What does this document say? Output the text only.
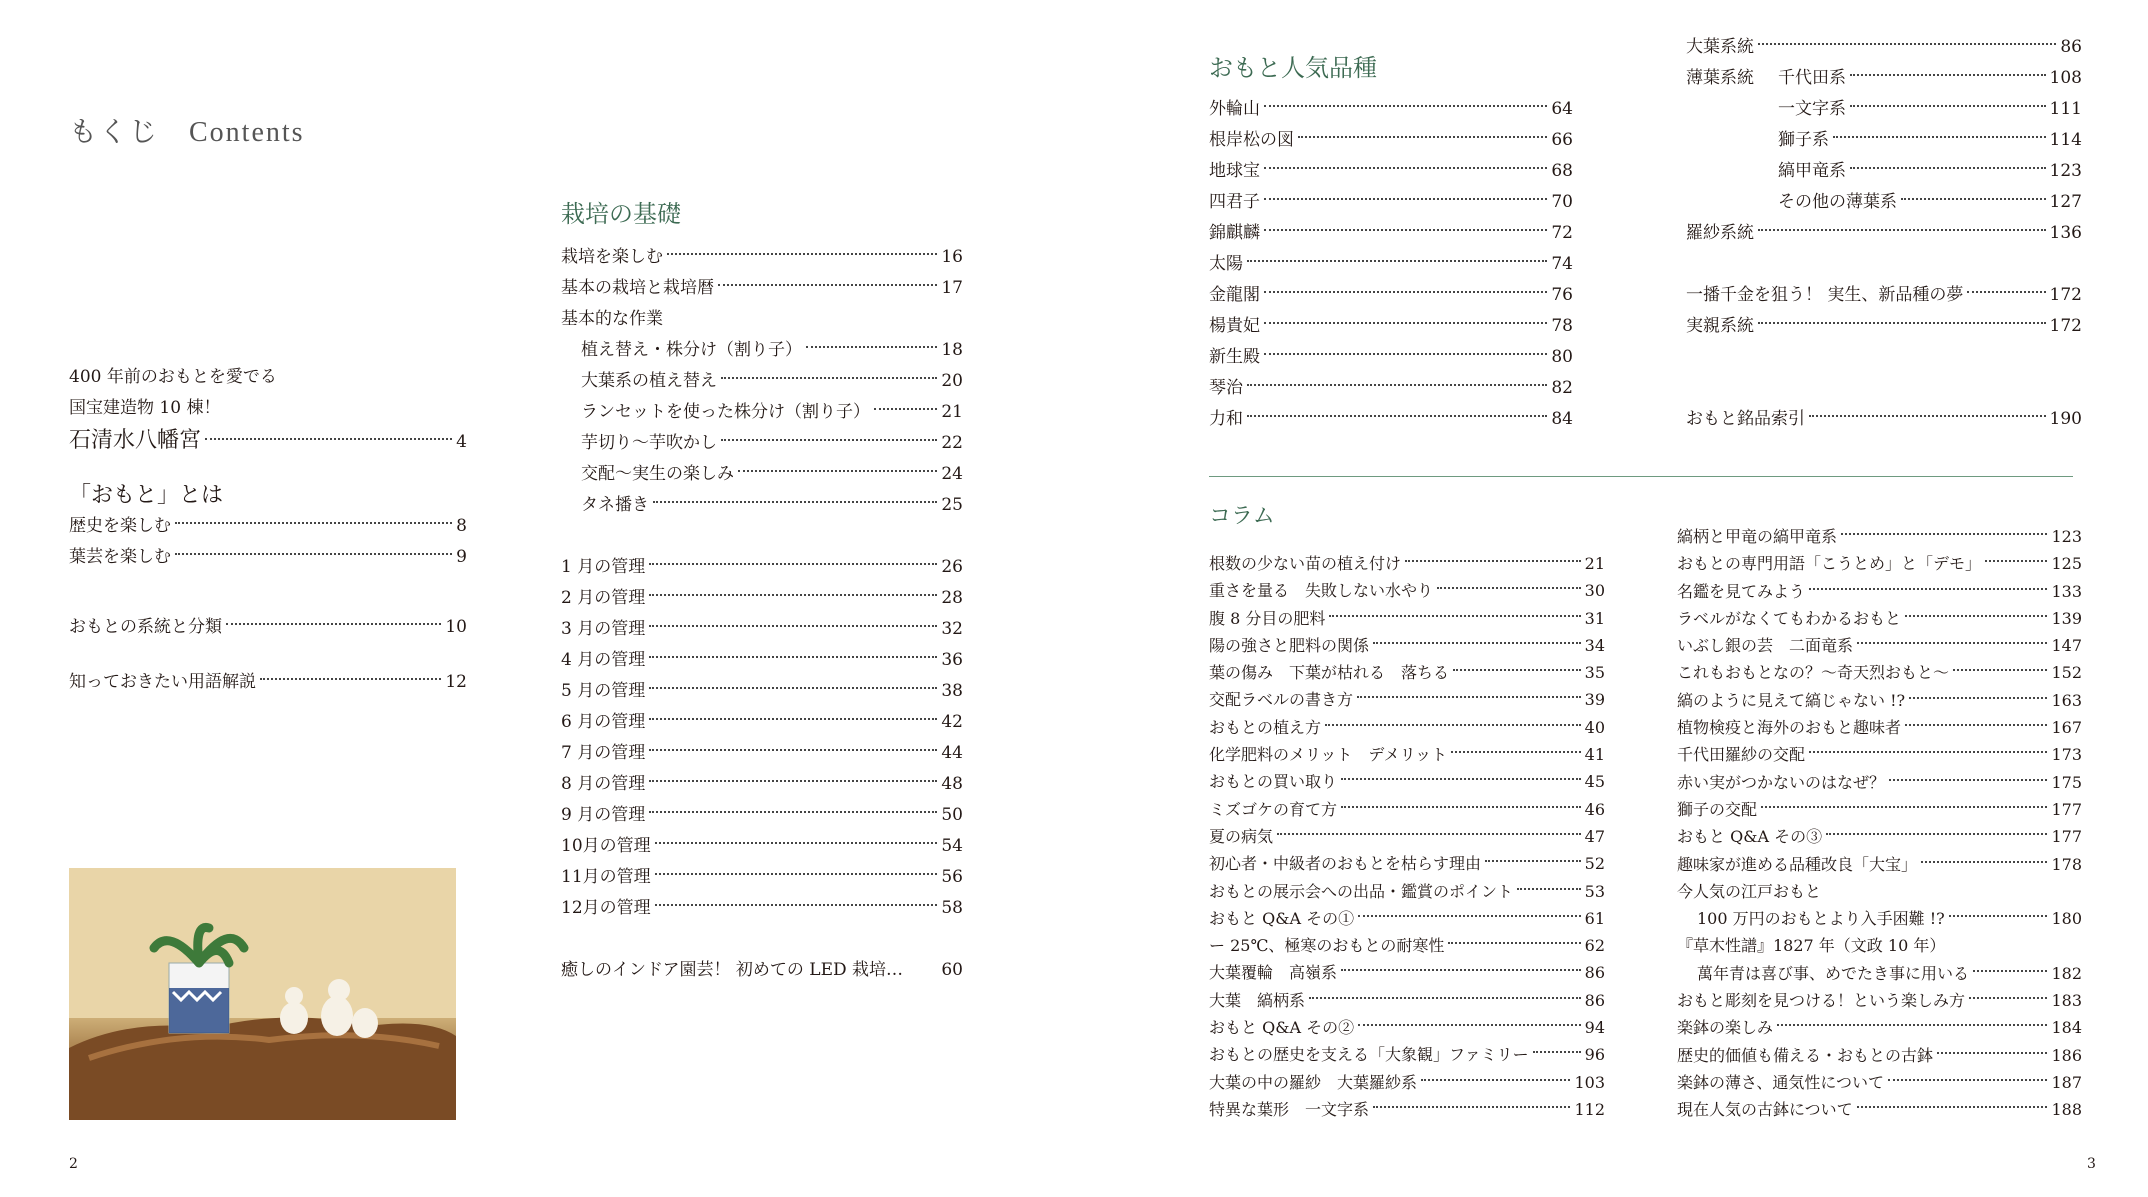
もくじ　Contents
400 年前のおもとを愛でる
国宝建造物 10 棟！
石清水八幡宮	4
「おもと」とは
歴史を楽しむ	8
葉芸を楽しむ	9
おもとの系統と分類	10
知っておきたい用語解説	12
栽培の基礎
栽培を楽しむ	16
基本の栽培と栽培暦	17
基本的な作業
植え替え・株分け（割り子）	18
大葉系の植え替え	20
ランセットを使った株分け（割り子）	21
芋切り～芋吹かし	22
交配～実生の楽しみ	24
タネ播き	25
1 月の管理	26
2 月の管理	28
3 月の管理	32
4 月の管理	36
5 月の管理	38
6 月の管理	42
7 月の管理	44
8 月の管理	48
9 月の管理	50
10月の管理	54
11月の管理	56
12月の管理	58
癒しのインドア園芸！ 初めての LED 栽培… 60
おもと人気品種
外輪山	64
根岸松の図	66
地球宝	68
四君子	70
錦麒麟	72
太陽	74
金龍閣	76
楊貴妃	78
新生殿	80
琴治	82
力和	84
大葉系統	86
薄葉系統	千代田系	108
一文字系	111
獅子系	114
縞甲竜系	123
その他の薄葉系	127
羅紗系統	136
一播千金を狙う！ 実生、新品種の夢	172
実親系統	172
おもと銘品索引	190
コラム
根数の少ない苗の植え付け	21
重さを量る　失敗しない水やり	30
腹 8 分目の肥料	31
陽の強さと肥料の関係	34
葉の傷み　下葉が枯れる　落ちる	35
交配ラベルの書き方	39
おもとの植え方	40
化学肥料のメリット　デメリット	41
おもとの買い取り	45
ミズゴケの育て方	46
夏の病気	47
初心者・中級者のおもとを枯らす理由	52
おもとの展示会への出品・鑑賞のポイント	53
おもと Q&A その①	61
ー 25℃、極寒のおもとの耐寒性	62
大葉覆輪　高嶺系	86
大葉　縞柄系	86
おもと Q&A その②	94
おもとの歴史を支える「大象観」ファミリー	96
大葉の中の羅紗　大葉羅紗系	103
特異な葉形　一文字系	112
縞柄と甲竜の縞甲竜系	123
おもとの専門用語「こうとめ」と「デモ」	125
名鑑を見てみよう	133
ラベルがなくてもわかるおもと	139
いぶし銀の芸　二面竜系	147
これもおもとなの？～奇天烈おもと～	152
縞のように見えて縞じゃない !?	163
植物検疫と海外のおもと趣味者	167
千代田羅紗の交配	173
赤い実がつかないのはなぜ？	175
獅子の交配	177
おもと Q&A その③	177
趣味家が進める品種改良「大宝」	178
今人気の江戸おもと
100 万円のおもとより入手困難 !?	180
『草木性譜』1827 年（文政 10 年）
萬年青は喜び事、めでたき事に用いる	182
おもと彫刻を見つける！という楽しみ方	183
楽鉢の楽しみ	184
歴史的価値も備える・おもとの古鉢	186
楽鉢の薄さ、通気性について	187
現在人気の古鉢について	188
2	3
